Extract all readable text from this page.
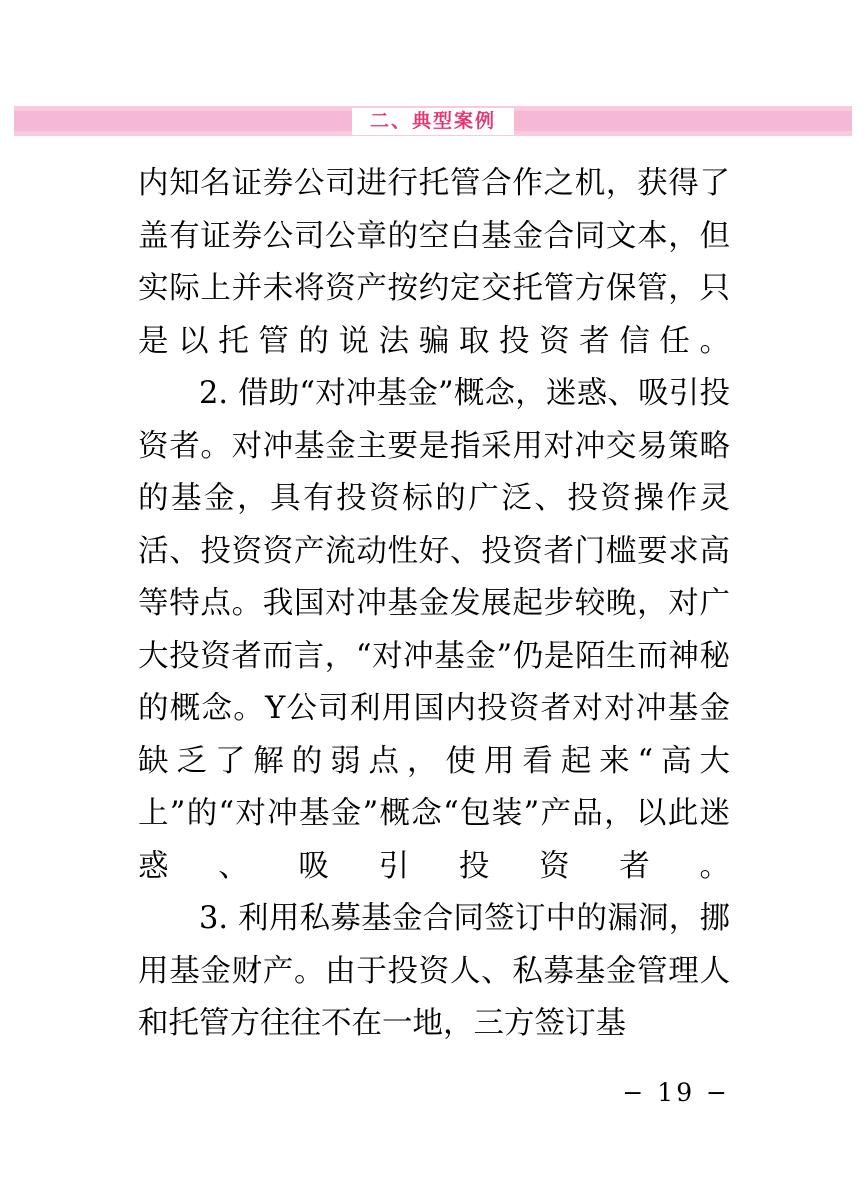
二、典型案例

内知名证券公司进行托管合作之机，获得了盖有证券公司公章的空白基金合同文本，但实际上并未将资产按约定交托管方保管，只是以托管的说法骗取投资者信任。

2. 借助“对冲基金”概念，迷惑、吸引投资者。对冲基金主要是指采用对冲交易策略的基金，具有投资标的广泛、投资操作灵活、投资资产流动性好、投资者门槛要求高等特点。我国对冲基金发展起步较晚，对广大投资者而言，“对冲基金”仍是陌生而神秘的概念。Y公司利用国内投资者对对冲基金缺乏了解的弱点，使用看起来“高大上”的“对冲基金”概念“包装”产品，以此迷惑、吸引投资者。

3. 利用私募基金合同签订中的漏洞，挪用基金财产。由于投资人、私募基金管理人和托管方往往不在一地，三方签订基

− 19 −
